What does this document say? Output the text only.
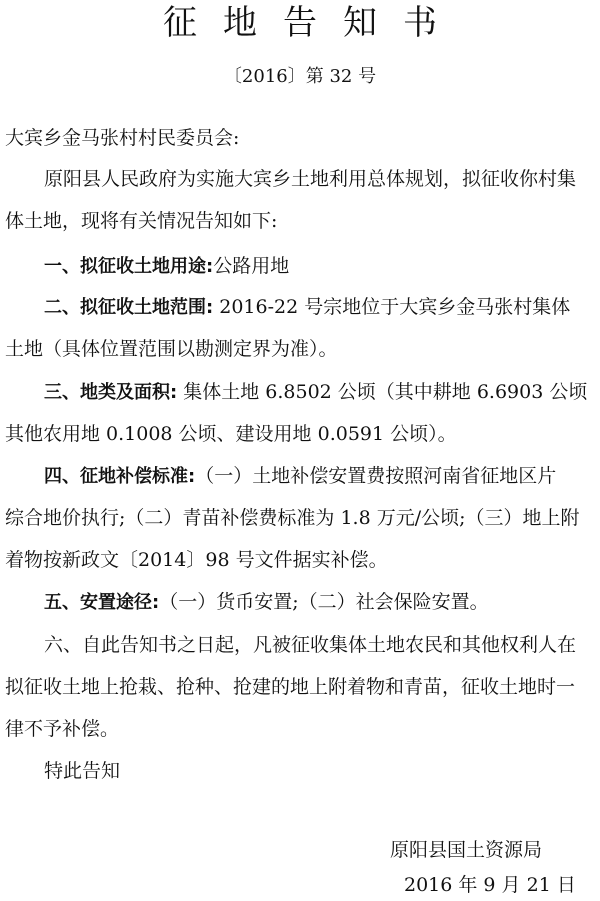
征地告知书
〔2016〕第 32 号
大宾乡金马张村村民委员会:
原阳县人民政府为实施大宾乡土地利用总体规划，拟征收你村集
体土地，现将有关情况告知如下:
一、拟征收土地用途:公路用地
二、拟征收土地范围: 2016-22 号宗地位于大宾乡金马张村集体
土地（具体位置范围以勘测定界为准）。
三、地类及面积: 集体土地 6.8502 公顷（其中耕地 6.6903 公顷
其他农用地 0.1008 公顷、建设用地 0.0591 公顷）。
四、征地补偿标准:（一）土地补偿安置费按照河南省征地区片
综合地价执行;（二）青苗补偿费标准为 1.8 万元/公顷;（三）地上附
着物按新政文〔2014〕98 号文件据实补偿。
五、安置途径:（一）货币安置;（二）社会保险安置。
六、自此告知书之日起，凡被征收集体土地农民和其他权利人在
拟征收土地上抢栽、抢种、抢建的地上附着物和青苗，征收土地时一
律不予补偿。
特此告知
原阳县国土资源局
2016 年 9 月 21 日
